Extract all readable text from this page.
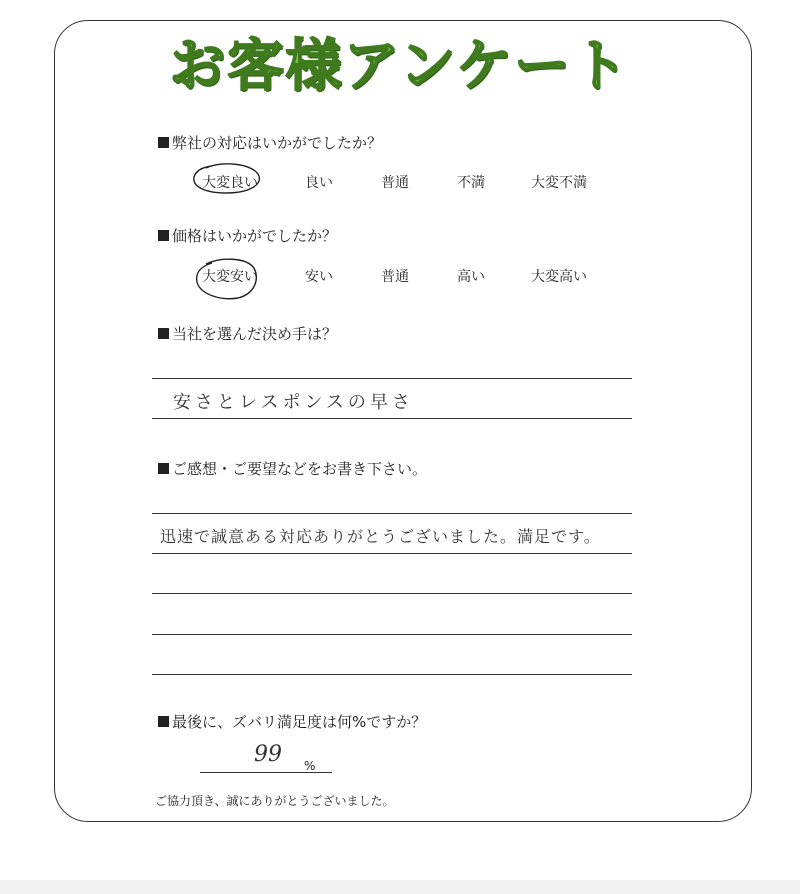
お客様アンケート
弊社の対応はいかがでしたか？
大変良い	良い	普通	不満	大変不満
価格はいかがでしたか？
大変安い	安い	普通	高い	大変高い
当社を選んだ決め手は？
安さとレスポンスの早さ
ご感想・ご要望などをお書き下さい。
迅速で誠意ある対応ありがとうございました。満足です。
最後に、ズバリ満足度は何%ですか？
99 %
ご協力頂き、誠にありがとうございました。
